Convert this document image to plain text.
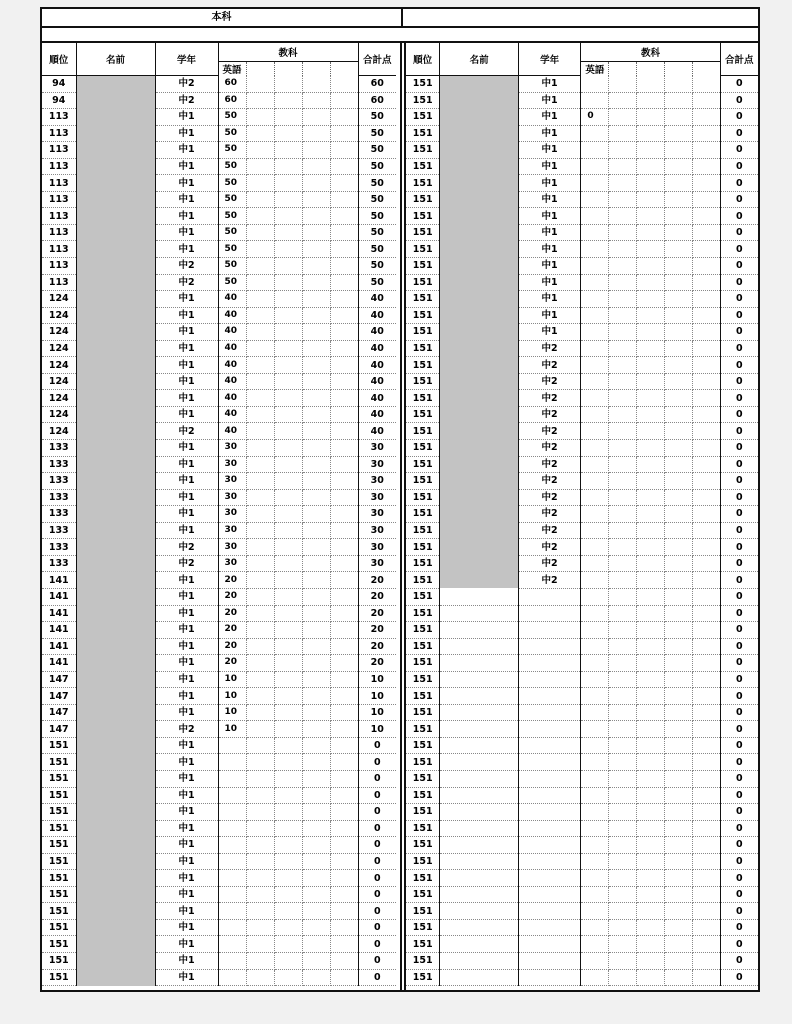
本科
順位	名前	学年	教科					合計点
			英語					
94		中2	60					60
94		中2	60					60
113		中1	50					50
113		中1	50					50
113		中1	50					50
113		中1	50					50
113		中1	50					50
113		中1	50					50
113		中1	50					50
113		中1	50					50
113		中1	50					50
113		中2	50					50
113		中2	50					50
124		中1	40					40
124		中1	40					40
124		中1	40					40
124		中1	40					40
124		中1	40					40
124		中1	40					40
124		中1	40					40
124		中1	40					40
124		中2	40					40
133		中1	30					30
133		中1	30					30
133		中1	30					30
133		中1	30					30
133		中1	30					30
133		中1	30					30
133		中2	30					30
133		中2	30					30
141		中1	20					20
141		中1	20					20
141		中1	20					20
141		中1	20					20
141		中1	20					20
141		中1	20					20
147		中1	10					10
147		中1	10					10
147		中1	10					10
147		中2	10					10
151		中1						0
151		中1						0
151		中1						0
151		中1						0
151		中1						0
151		中1						0
151		中1						0
151		中1						0
151		中1						0
151		中1						0
151		中1						0
151		中1						0
151		中1						0
151		中1						0
151		中1						0
順位	名前	学年	教科					合計点
			英語					
151		中1						0
151		中1						0
151		中1	0					0
151		中1						0
151		中1						0
151		中1						0
151		中1						0
151		中1						0
151		中1						0
151		中1						0
151		中1						0
151		中1						0
151		中1						0
151		中1						0
151		中1						0
151		中1						0
151		中2						0
151		中2						0
151		中2						0
151		中2						0
151		中2						0
151		中2						0
151		中2						0
151		中2						0
151		中2						0
151		中2						0
151		中2						0
151		中2						0
151		中2						0
151		中2						0
151		中2						0
151								0
151								0
151								0
151								0
151								0
151								0
151								0
151								0
151								0
151								0
151								0
151								0
151								0
151								0
151								0
151								0
151								0
151								0
151								0
151								0
151								0
151								0
151								0
151								0
